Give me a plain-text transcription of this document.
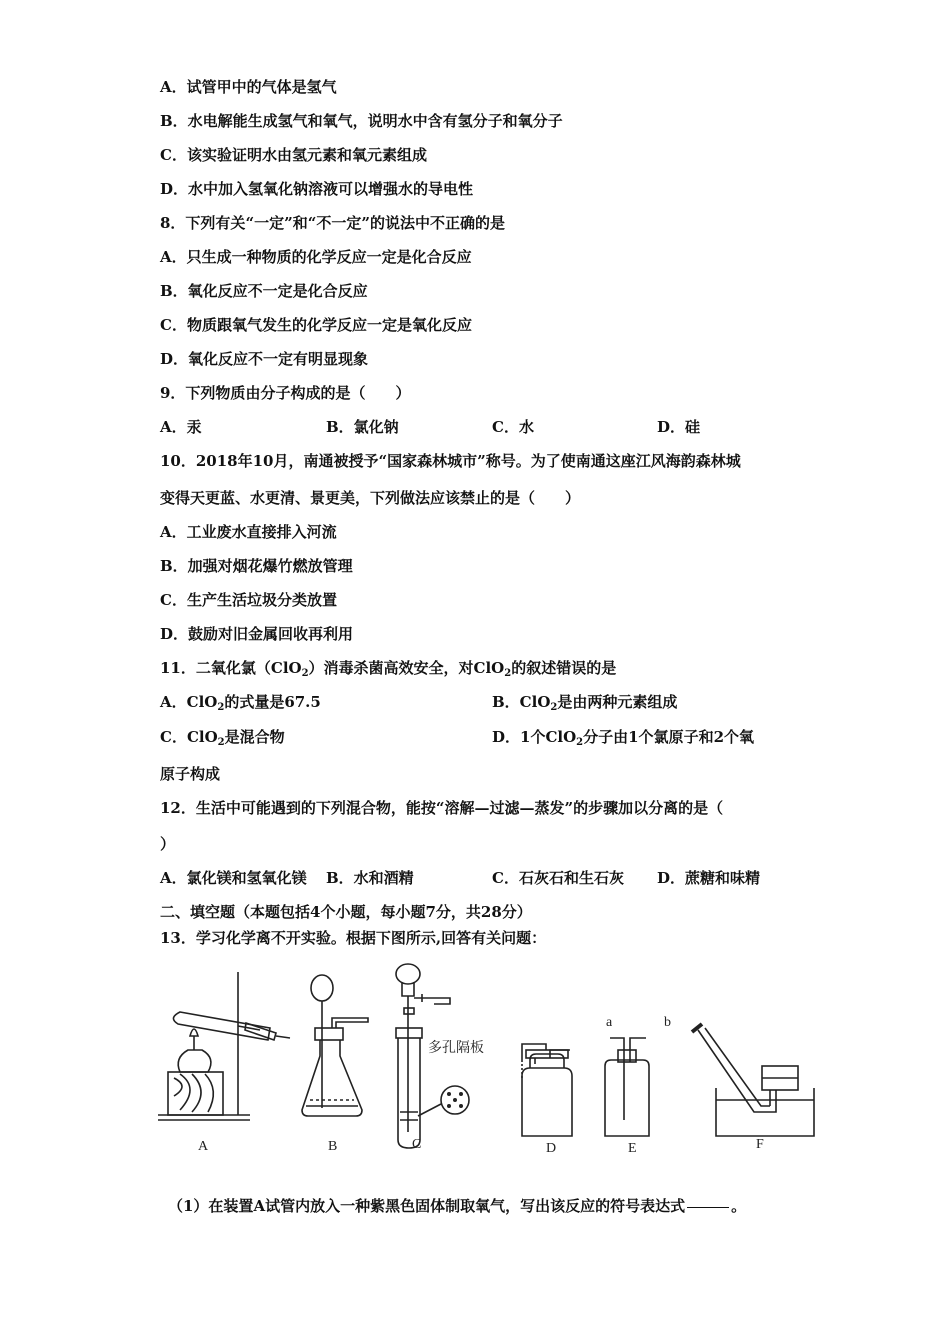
A．试管甲中的气体是氢气
B．水电解能生成氢气和氧气，说明水中含有氢分子和氧分子
C．该实验证明水由氢元素和氧元素组成
D．水中加入氢氧化钠溶液可以增强水的导电性
8．下列有关“一定”和“不一定”的说法中不正确的是
A．只生成一种物质的化学反应一定是化合反应
B．氧化反应不一定是化合反应
C．物质跟氧气发生的化学反应一定是氧化反应
D．氧化反应不一定有明显现象
9．下列物质由分子构成的是（　　）
A．汞	B．氯化钠	C．水	D．硅
10．2018年10月，南通被授予“国家森林城市”称号。为了使南通这座江风海韵森林城
变得天更蓝、水更清、景更美，下列做法应该禁止的是（　　）
A．工业废水直接排入河流
B．加强对烟花爆竹燃放管理
C．生产生活垃圾分类放置
D．鼓励对旧金属回收再利用
11．二氧化氯（ClO$_2$）消毒杀菌高效安全，对ClO$_2$的叙述错误的是
A．ClO$_2$的式量是67.5	B．ClO$_2$是由两种元素组成
C．ClO$_2$是混合物	D．1个ClO$_2$分子由1个氯原子和2个氧
原子构成
12．生活中可能遇到的下列混合物，能按“溶解—过滤—蒸发”的步骤加以分离的是（
）
A．氯化镁和氢氧化镁 B．水和酒精	C．石灰石和生石灰 D．蔗糖和味精
二、填空题（本题包括4个小题，每小题7分，共28分）
13．学习化学离不开实验。根据下图所示,回答有关问题：
A	B	C	D	E	F
多孔隔板
a	b
（1）在装置A试管内放入一种紫黑色固体制取氧气，写出该反应的符号表达式	。
